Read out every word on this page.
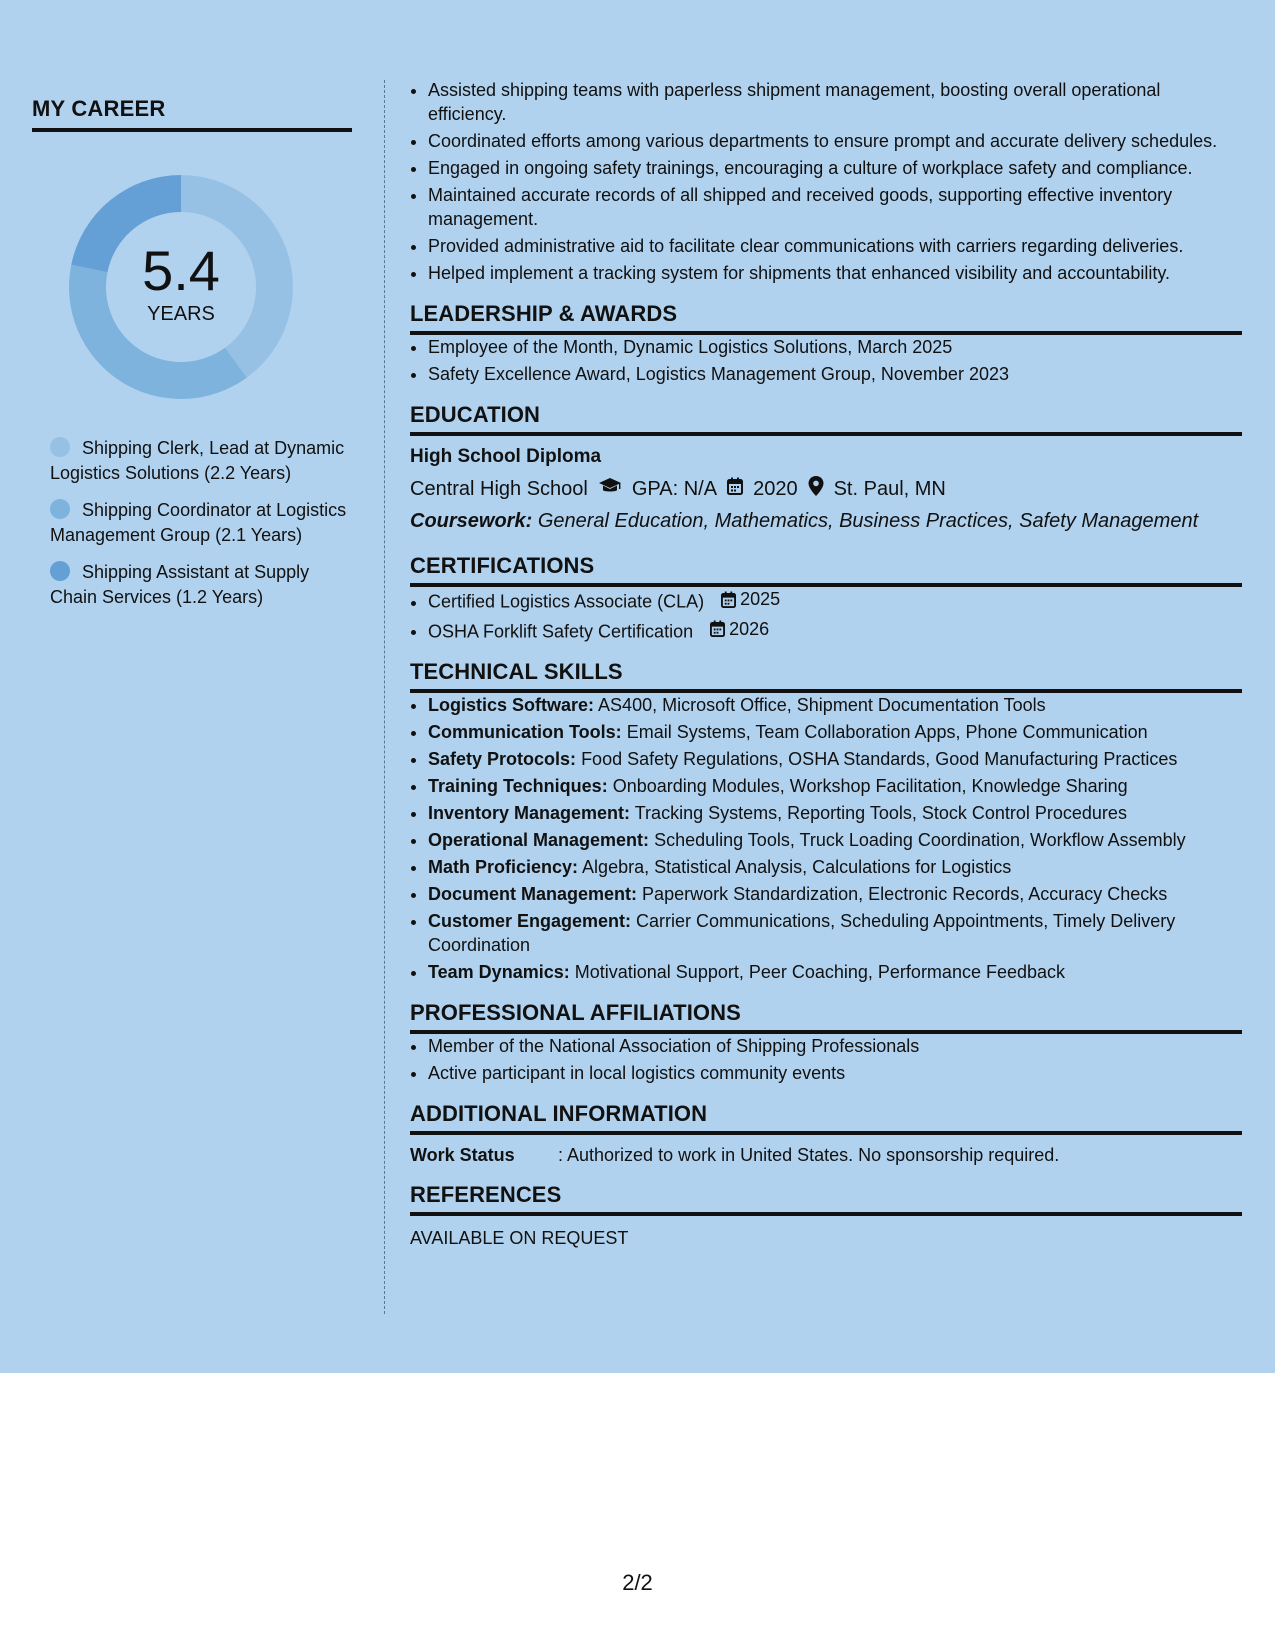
MY CAREER
5.4
YEARS
Shipping Clerk, Lead at Dynamic Logistics Solutions (2.2 Years)
Shipping Coordinator at Logistics Management Group (2.1 Years)
Shipping Assistant at Supply Chain Services (1.2 Years)
• Assisted shipping teams with paperless shipment management, boosting overall operational efficiency.
• Coordinated efforts among various departments to ensure prompt and accurate delivery schedules.
• Engaged in ongoing safety trainings, encouraging a culture of workplace safety and compliance.
• Maintained accurate records of all shipped and received goods, supporting effective inventory management.
• Provided administrative aid to facilitate clear communications with carriers regarding deliveries.
• Helped implement a tracking system for shipments that enhanced visibility and accountability.
LEADERSHIP & AWARDS
• Employee of the Month, Dynamic Logistics Solutions, March 2025
• Safety Excellence Award, Logistics Management Group, November 2023
EDUCATION
High School Diploma
Central High School GPA: N/A 2020 St. Paul, MN
Coursework: General Education, Mathematics, Business Practices, Safety Management
CERTIFICATIONS
• Certified Logistics Associate (CLA) 2025
• OSHA Forklift Safety Certification 2026
TECHNICAL SKILLS
• Logistics Software: AS400, Microsoft Office, Shipment Documentation Tools
• Communication Tools: Email Systems, Team Collaboration Apps, Phone Communication
• Safety Protocols: Food Safety Regulations, OSHA Standards, Good Manufacturing Practices
• Training Techniques: Onboarding Modules, Workshop Facilitation, Knowledge Sharing
• Inventory Management: Tracking Systems, Reporting Tools, Stock Control Procedures
• Operational Management: Scheduling Tools, Truck Loading Coordination, Workflow Assembly
• Math Proficiency: Algebra, Statistical Analysis, Calculations for Logistics
• Document Management: Paperwork Standardization, Electronic Records, Accuracy Checks
• Customer Engagement: Carrier Communications, Scheduling Appointments, Timely Delivery Coordination
• Team Dynamics: Motivational Support, Peer Coaching, Performance Feedback
PROFESSIONAL AFFILIATIONS
• Member of the National Association of Shipping Professionals
• Active participant in local logistics community events
ADDITIONAL INFORMATION
Work Status	: Authorized to work in United States. No sponsorship required.
REFERENCES
AVAILABLE ON REQUEST
2/2
